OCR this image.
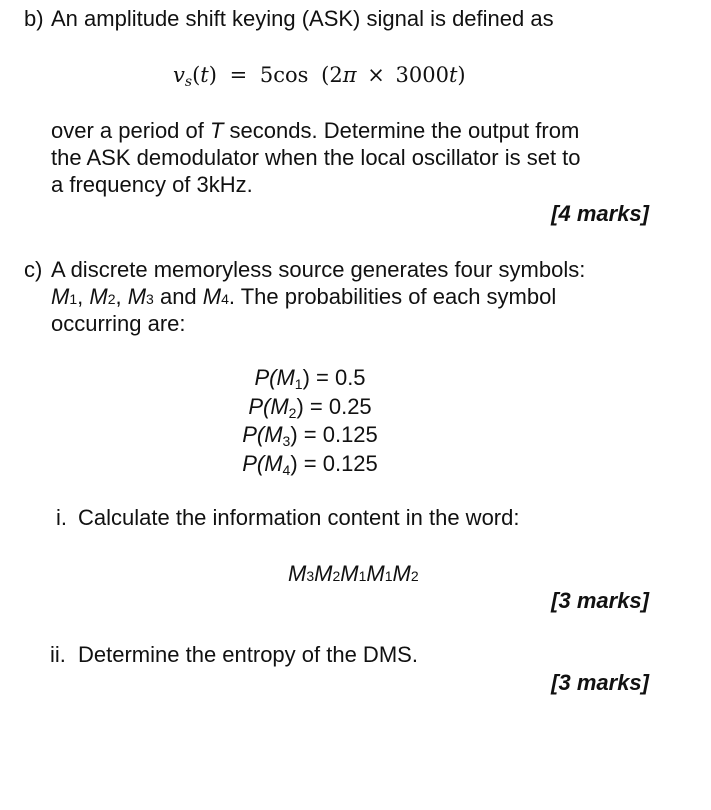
b) An amplitude shift keying (ASK) signal is defined as
$v_s(t) = 5\cos$ (2π × 3000t)
over a period of T seconds. Determine the output from
the ASK demodulator when the local oscillator is set to
a frequency of 3kHz.
[4 marks]
c) A discrete memoryless source generates four symbols:
M1, M2, M3 and M4. The probabilities of each symbol
occurring are:
$P(M_1) = 0.5$
$P(M_2) = 0.25$
$P(M_3) = 0.125$
$P(M_4) = 0.125$
i. Calculate the information content in the word:
M3M2M1M1M2
[3 marks]
ii. Determine the entropy of the DMS.
[3 marks]
